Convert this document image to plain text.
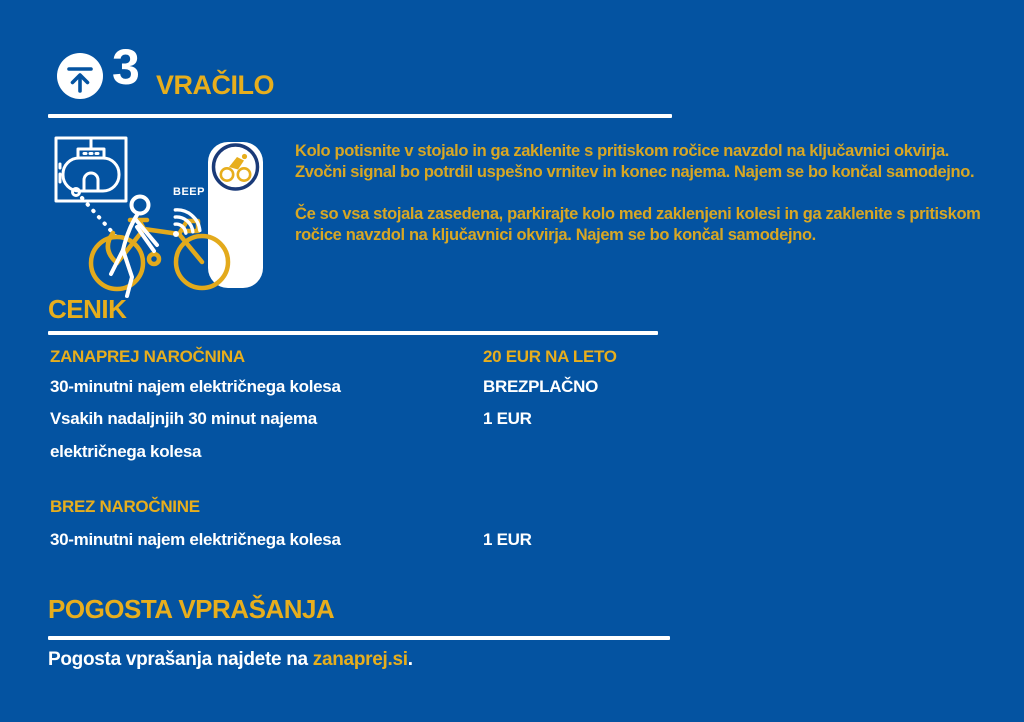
3 VRAČILO
BEEP

Kolo potisnite v stojalo in ga zaklenite s pritiskom ročice navzdol na ključavnici okvirja. Zvočni signal bo potrdil uspešno vrnitev in konec najema. Najem se bo končal samodejno.

Če so vsa stojala zasedena, parkirajte kolo med zaklenjeni kolesi in ga zaklenite s pritiskom ročice navzdol na ključavnici okvirja. Najem se bo končal samodejno.

CENIK
ZANAPREJ NAROČNINA	20 EUR NA LETO
30-minutni najem električnega kolesa	BREZPLAČNO
Vsakih nadaljnjih 30 minut najema	1 EUR
električnega kolesa
BREZ NAROČNINE
30-minutni najem električnega kolesa	1 EUR
POGOSTA VPRAŠANJA

Pogosta vprašanja najdete na zanaprej.si.
